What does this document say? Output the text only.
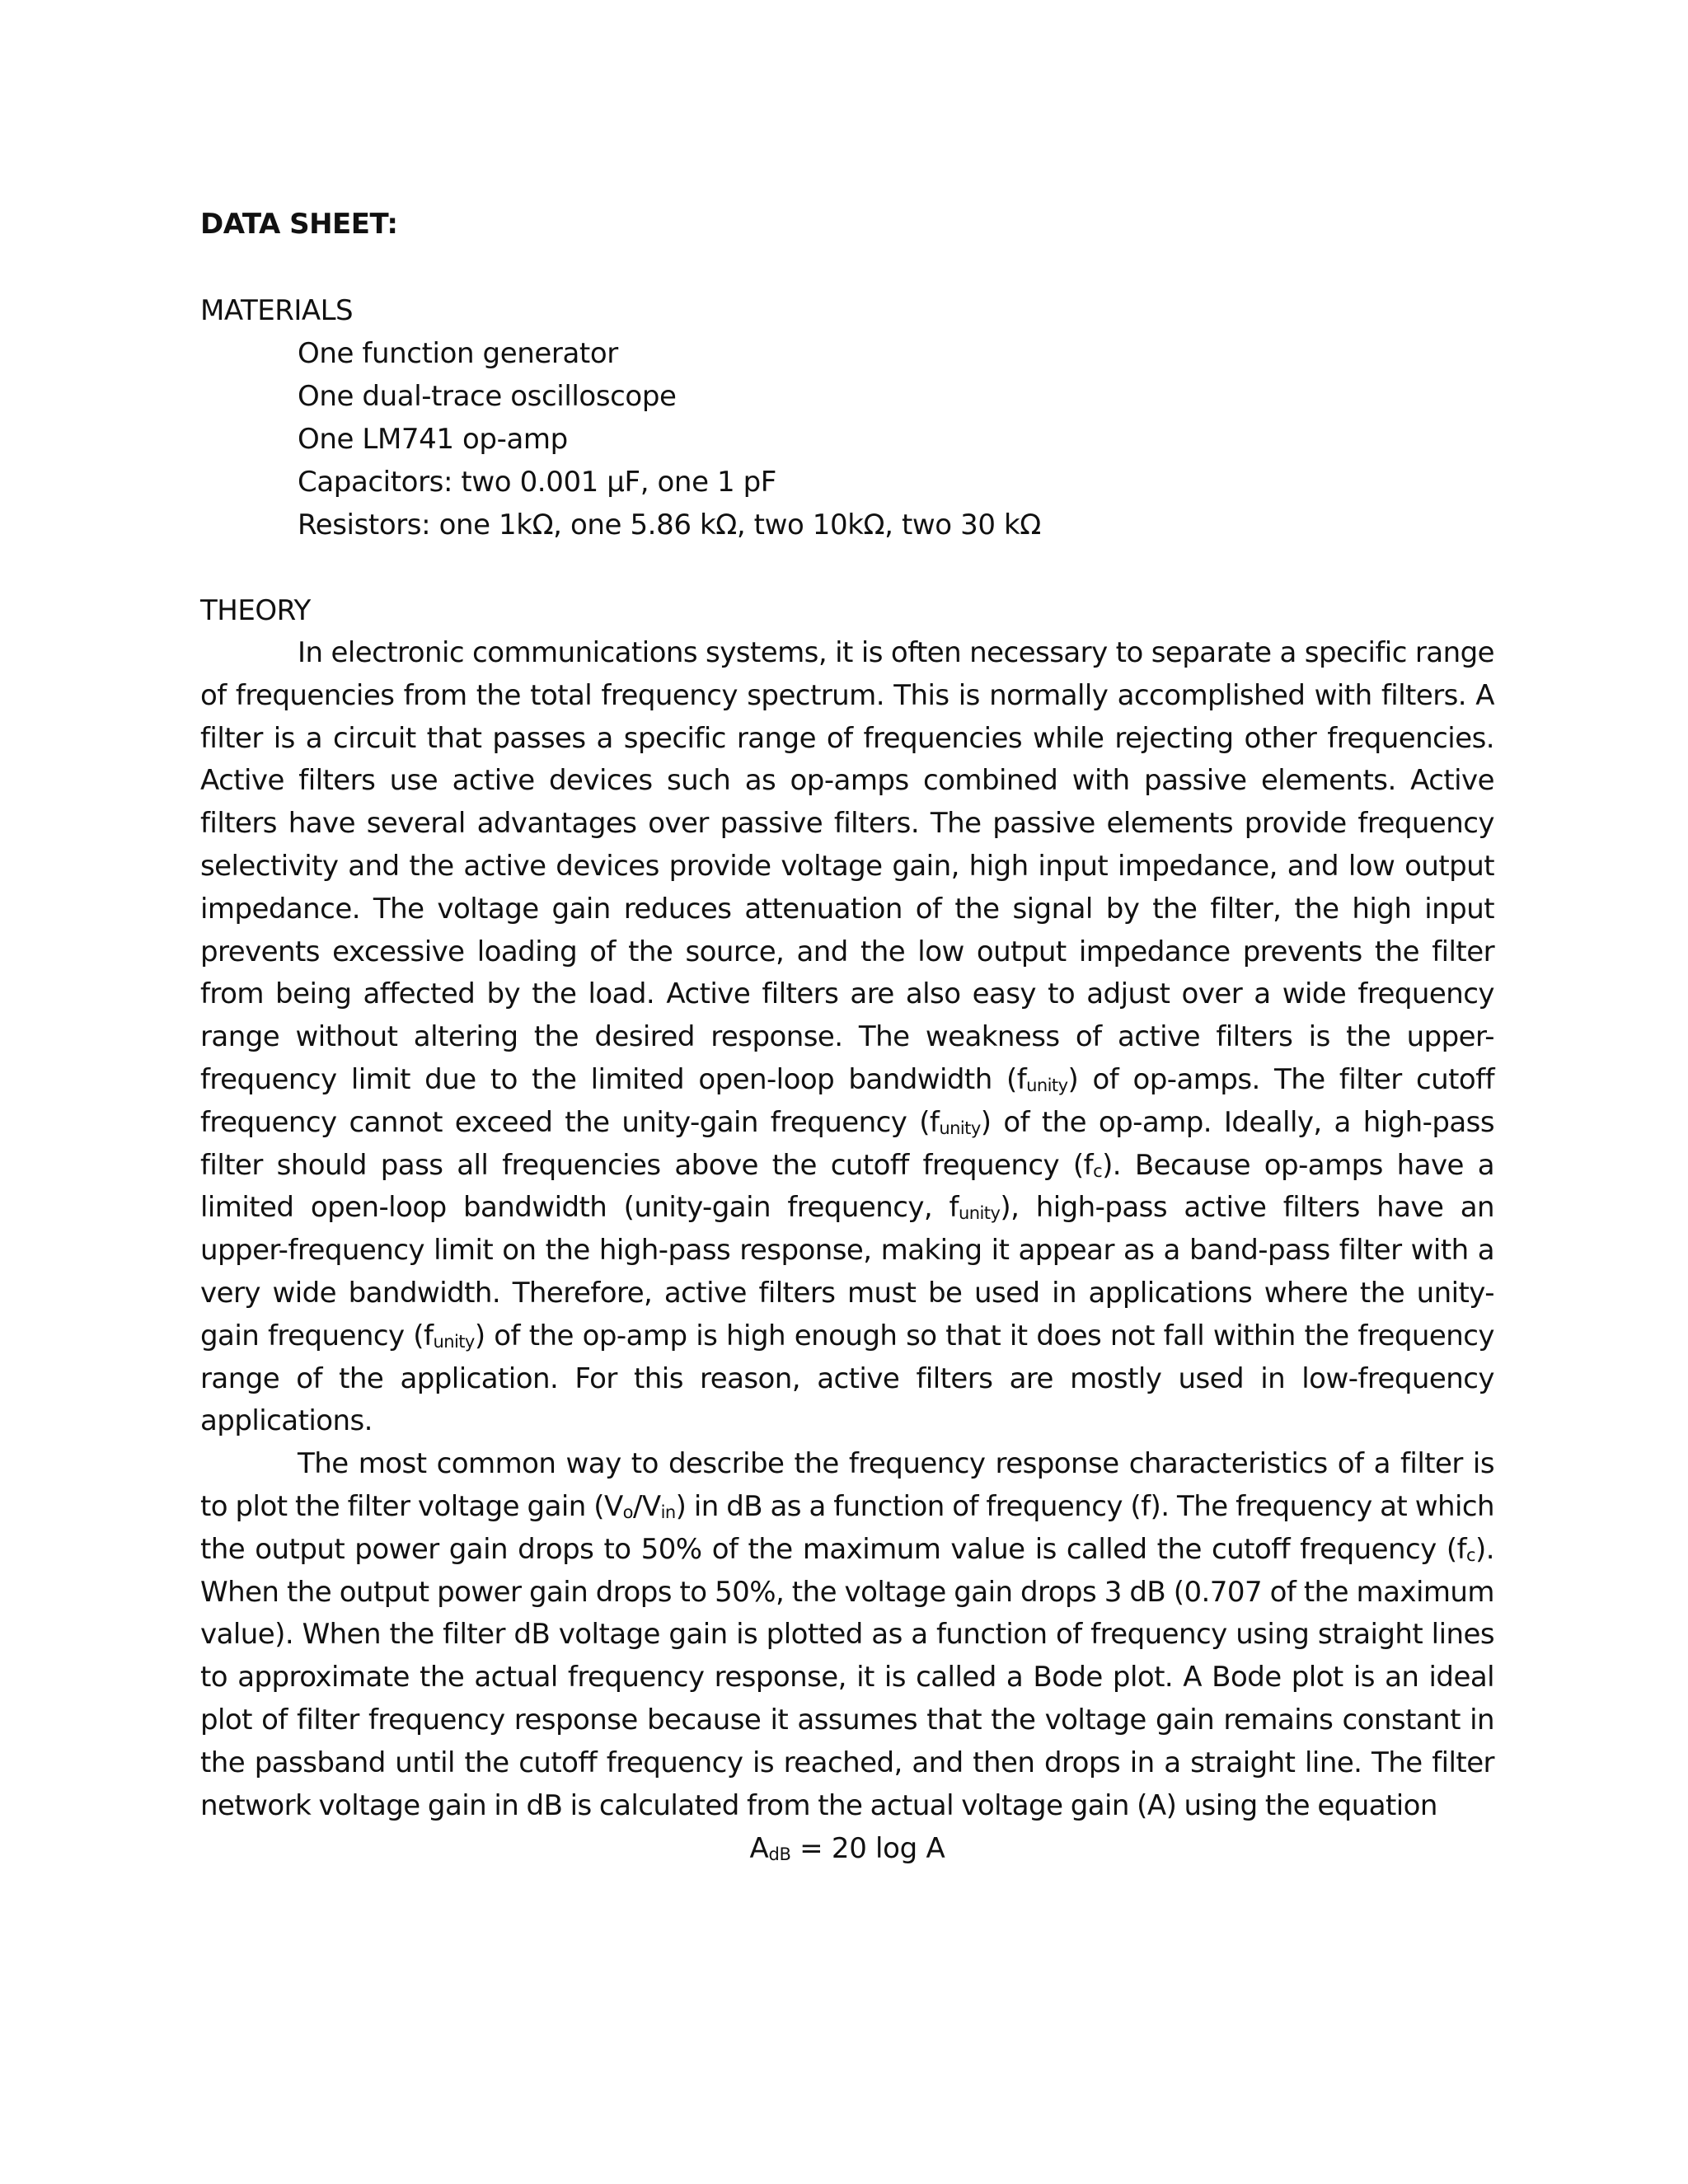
DATA SHEET:
MATERIALS
One function generator
One dual-trace oscilloscope
One LM741 op-amp
Capacitors: two 0.001 μF, one 1 pF
Resistors: one 1kΩ, one 5.86 kΩ, two 10kΩ, two 30 kΩ
THEORY

In electronic communications systems, it is often necessary to separate a specific range of frequencies from the total frequency spectrum. This is normally accomplished with filters. A filter is a circuit that passes a specific range of frequencies while rejecting other frequencies. Active filters use active devices such as op-amps combined with passive elements. Active filters have several advantages over passive filters. The passive elements provide frequency selectivity and the active devices provide voltage gain, high input impedance, and low output impedance. The voltage gain reduces attenuation of the signal by the filter, the high input prevents excessive loading of the source, and the low output impedance prevents the filter from being affected by the load. Active filters are also easy to adjust over a wide frequency range without altering the desired response. The weakness of active filters is the upper-frequency limit due to the limited open-loop bandwidth $(f_{unity})$ of op-amps. The filter cutoff frequency cannot exceed the unity-gain frequency $(f_{unity})$ of the op-amp. Ideally, a high-pass filter should pass all frequencies above the cutoff frequency $(f_c)$. Because op-amps have a limited open-loop bandwidth (unity-gain frequency, $f_{unity}$), high-pass active filters have an upper-frequency limit on the high-pass response, making it appear as a band-pass filter with a very wide bandwidth. Therefore, active filters must be used in applications where the unity-gain frequency $(f_{unity})$ of the op-amp is high enough so that it does not fall within the frequency range of the application. For this reason, active filters are mostly used in low-frequency applications.

The most common way to describe the frequency response characteristics of a filter is to plot the filter voltage gain $(V_o/V_{in})$ in dB as a function of frequency (f). The frequency at which the output power gain drops to 50% of the maximum value is called the cutoff frequency $(f_c)$. When the output power gain drops to 50%, the voltage gain drops 3 dB (0.707 of the maximum value). When the filter dB voltage gain is plotted as a function of frequency using straight lines to approximate the actual frequency response, it is called a Bode plot. A Bode plot is an ideal plot of filter frequency response because it assumes that the voltage gain remains constant in the passband until the cutoff frequency is reached, and then drops in a straight line. The filter network voltage gain in dB is calculated from the actual voltage gain (A) using the equation

$A_{dB} = 20$ log A
